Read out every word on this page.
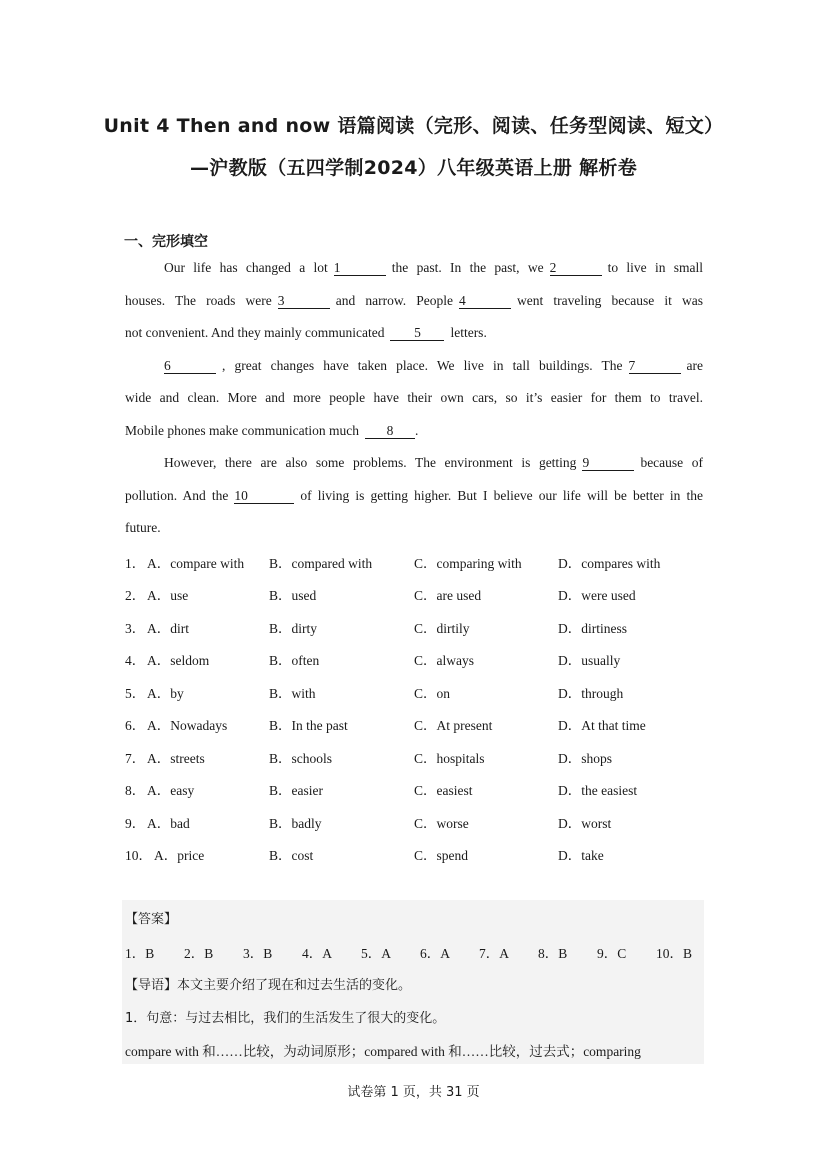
Unit 4 Then and now 语篇阅读（完形、阅读、任务型阅读、短文）
—沪教版（五四学制2024）八年级英语上册 解析卷
一、完形填空
Our life has changed a lot 1	the past. In the past, we 2	to live in small
houses. The roads were 3	and narrow. People 4	went traveling because it was
not convenient. And they mainly communicated 5 letters.
6	, great changes have taken place. We live in tall buildings. The 7	are
wide and clean. More and more people have their own cars, so it’s easier for them to travel.
Mobile phones make communication much 8 .
However, there are also some problems. The environment is getting 9	because of
pollution. And the 10	of living is getting higher. But I believe our life will be better in the
future.
1． A．compare with B．compared with	C．comparing with	D．compares with
2． A．use	B．used	C．are used	D．were used
3． A．dirt	B．dirty	C．dirtily	D．dirtiness
4． A．seldom	B．often	C．always	D．usually
5． A．by	B．with	C．on	D．through
6． A．Nowadays	B．In the past	C．At present	D．At that time
7． A．streets	B．schools	C．hospitals	D．shops
8． A．easy	B．easier	C．easiest	D．the easiest
9． A．bad	B．badly	C．worse	D．worst
10． A．price	B．cost	C．spend	D．take
【答案】
1．B 2．B 3．B 4．A 5．A 6．A 7．A 8．B 9．C 10．B
【导语】本文主要介绍了现在和过去生活的变化。
1．句意：与过去相比，我们的生活发生了很大的变化。
compare with 和……比较，为动词原形；compared with 和……比较，过去式；comparing
试卷第 1 页，共 31 页
